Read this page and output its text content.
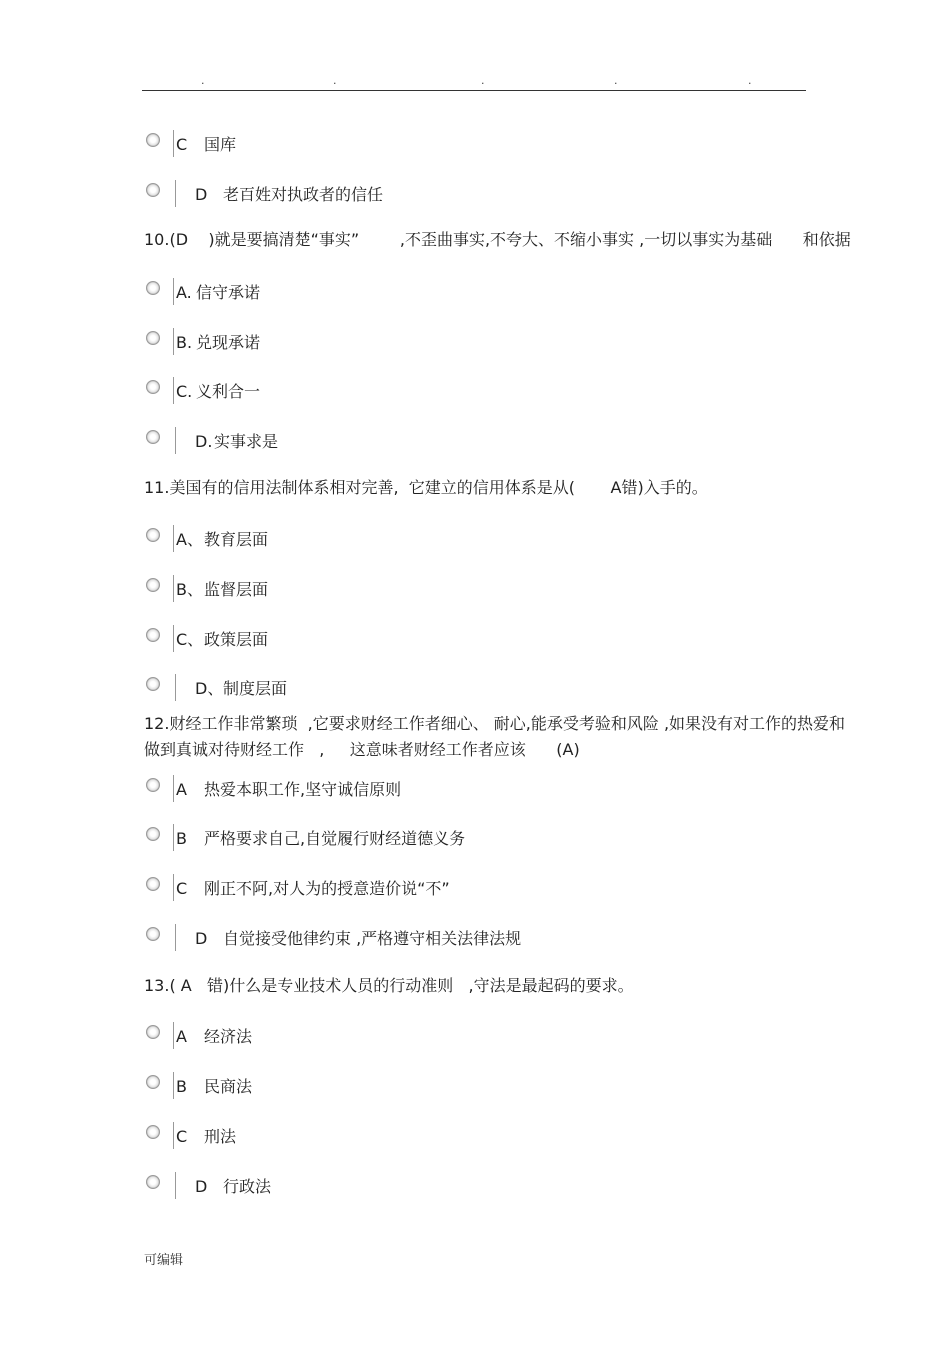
.	.	.	.	.
C 国库
D 老百姓对执政者的信任
10.(D    )就是要搞清楚“事实”        ,不歪曲事实,不夸大、不缩小事实 ,一切以事实为基础      和依据
A. 信守承诺
B. 兑现承诺
C. 义利合一
D. 实事求是
11.美国有的信用法制体系相对完善,  它建立的信用体系是从(       A错)入手的。
A、 教育层面
B、 监督层面
C、 政策层面
D、 制度层面
12.财经工作非常繁琐  ,它要求财经工作者细心、 耐心,能承受考验和风险 ,如果没有对工作的热爱和
做到真诚对待财经工作   ,     这意味者财经工作者应该      (A)
A 热爱本职工作,坚守诚信原则
B 严格要求自己,自觉履行财经道德义务
C 刚正不阿,对人为的授意造价说“不”
D 自觉接受他律约束 ,严格遵守相关法律法规
13.( A   错)什么是专业技术人员的行动准则   ,守法是最起码的要求。
A 经济法
B 民商法
C 刑法
D 行政法
可编辑
